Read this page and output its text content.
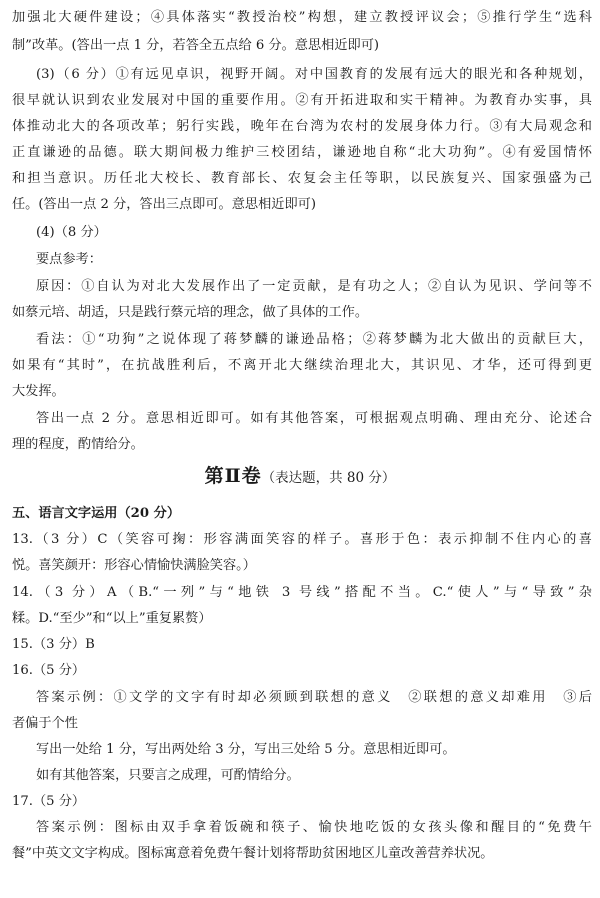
加强北大硬件建设；④具体落实“教授治校”构想，建立教授评议会；⑤推行学生“选科
制”改革。(答出一点 1 分，若答全五点给 6 分。意思相近即可)
(3)（6 分）①有远见卓识，视野开阔。对中国教育的发展有远大的眼光和各种规划，
很早就认识到农业发展对中国的重要作用。②有开拓进取和实干精神。为教育办实事，具
体推动北大的各项改革；躬行实践，晚年在台湾为农村的发展身体力行。③有大局观念和
正直谦逊的品德。联大期间极力维护三校团结，谦逊地自称“北大功狗”。④有爱国情怀
和担当意识。历任北大校长、教育部长、农复会主任等职，以民族复兴、国家强盛为己
任。(答出一点 2 分，答出三点即可。意思相近即可)
(4)（8 分）
要点参考：
原因：①自认为对北大发展作出了一定贡献，是有功之人；②自认为见识、学问等不
如蔡元培、胡适，只是践行蔡元培的理念，做了具体的工作。
看法：①“功狗”之说体现了蒋梦麟的谦逊品格；②蒋梦麟为北大做出的贡献巨大，
如果有“其时”，在抗战胜利后，不离开北大继续治理北大，其识见、才华，还可得到更
大发挥。
答出一点 2 分。意思相近即可。如有其他答案，可根据观点明确、理由充分、论述合
理的程度，酌情给分。
第Ⅱ卷（表达题，共 80 分）
五、语言文字运用（20 分）
13.（3 分）C（笑容可掬：形容满面笑容的样子。喜形于色：表示抑制不住内心的喜
悦。喜笑颜开：形容心情愉快满脸笑容。）
14.（3 分）A（B.“一列”与“地铁 3 号线”搭配不当。C.“使人”与“导致”杂
糅。D.“至少”和“以上”重复累赘）
15.（3 分）B
16.（5 分）
答案示例：①文学的文字有时却必须顾到联想的意义　②联想的意义却难用　③后
者偏于个性
写出一处给 1 分，写出两处给 3 分，写出三处给 5 分。意思相近即可。
如有其他答案，只要言之成理，可酌情给分。
17.（5 分）
答案示例：图标由双手拿着饭碗和筷子、愉快地吃饭的女孩头像和醒目的“免费午
餐”中英文文字构成。图标寓意着免费午餐计划将帮助贫困地区儿童改善营养状况。
